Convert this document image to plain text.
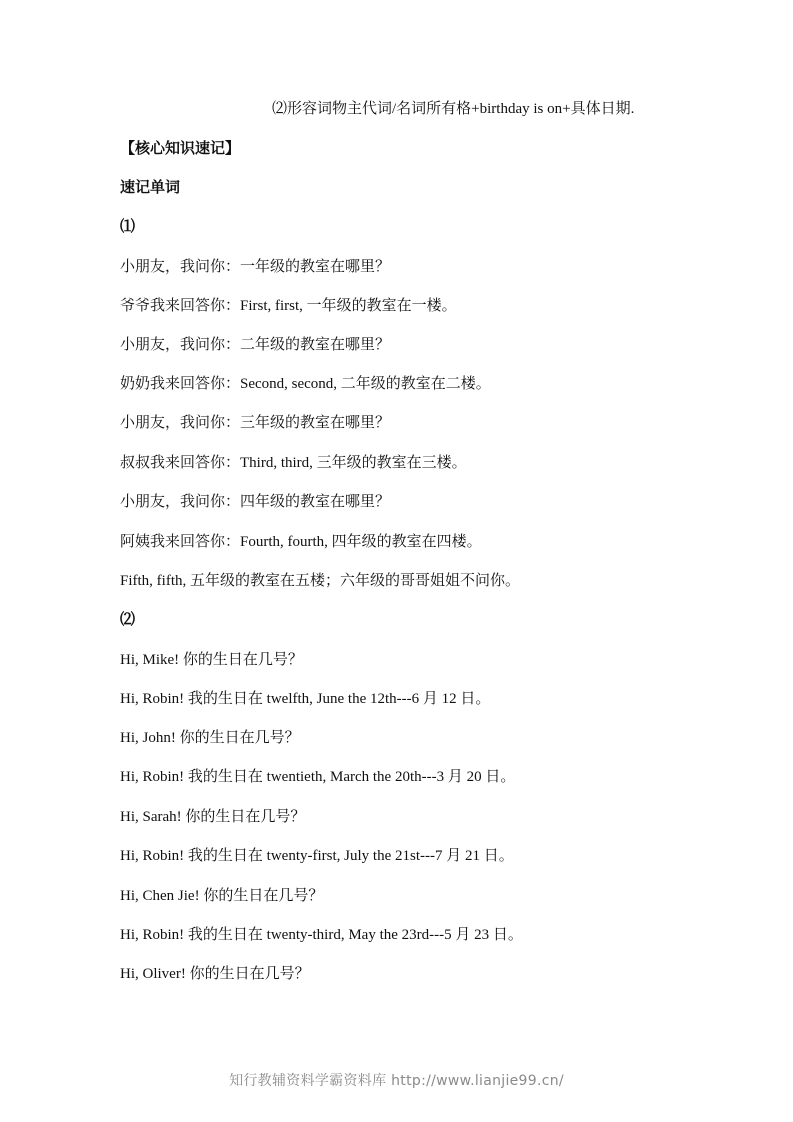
⑵形容词物主代词/名词所有格+birthday is on+具体日期.
【核心知识速记】
速记单词
⑴
小朋友，我问你：一年级的教室在哪里？
爷爷我来回答你：First, first, 一年级的教室在一楼。
小朋友，我问你：二年级的教室在哪里？
奶奶我来回答你：Second, second, 二年级的教室在二楼。
小朋友，我问你：三年级的教室在哪里？
叔叔我来回答你：Third, third, 三年级的教室在三楼。
小朋友，我问你：四年级的教室在哪里？
阿姨我来回答你：Fourth, fourth, 四年级的教室在四楼。
Fifth, fifth, 五年级的教室在五楼；六年级的哥哥姐姐不问你。
⑵
Hi, Mike! 你的生日在几号？
Hi, Robin! 我的生日在 twelfth, June the 12th---6 月 12 日。
Hi, John! 你的生日在几号？
Hi, Robin! 我的生日在 twentieth, March the 20th---3 月 20 日。
Hi, Sarah! 你的生日在几号？
Hi, Robin! 我的生日在 twenty-first, July the 21st---7 月 21 日。
Hi, Chen Jie! 你的生日在几号？
Hi, Robin! 我的生日在 twenty-third, May the 23rd---5 月 23 日。
Hi, Oliver! 你的生日在几号？
知行教辅资料学霸资料库 http://www.lianjie99.cn/
